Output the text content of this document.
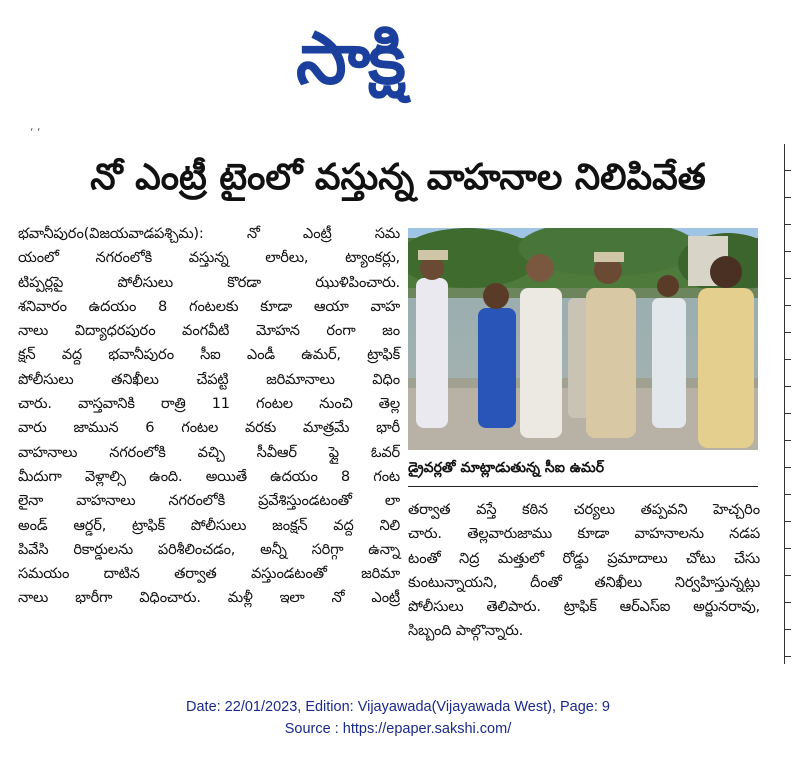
సాక్షి
‘ ‘
నో ఎంట్రీ టైంలో వస్తున్న వాహనాల నిలిపివేత
భవానీపురం(విజయవాడపశ్చిమ): నో ఎంట్రీ సమ
యంలో నగరంలోకి వస్తున్న లారీలు, ట్యాంకర్లు,
టిప్పర్లపై పోలీసులు కొరడా ఝుళిపించారు.
శనివారం ఉదయం 8 గంటలకు కూడా ఆయా వాహ
నాలు విద్యాధరపురం వంగవీటి మోహన రంగా జం
క్షన్ వద్ద భవానీపురం సీఐ ఎండీ ఉమర్, ట్రాఫిక్
పోలీసులు తనిఖీలు చేపట్టి జరిమానాలు విధిం
చారు. వాస్తవానికి రాత్రి 11 గంటల నుంచి తెల్ల
వారు జామున 6 గంటల వరకు మాత్రమే భారీ
వాహనాలు నగరంలోకి వచ్చి సీవీఆర్ ఫ్లై ఓవర్
మీదుగా వెళ్లాల్సి ఉంది. అయితే ఉదయం 8 గంట
లైనా వాహనాలు నగరంలోకి ప్రవేశిస్తుండటంతో లా
అండ్ ఆర్డర్, ట్రాఫిక్ పోలీసులు జంక్షన్ వద్ద నిలి
పివేసి రికార్డులను పరిశీలించడం, అన్నీ సరిగ్గా ఉన్నా
సమయం దాటిన తర్వాత వస్తుండటంతో జరిమా
నాలు భారీగా విధించారు. మళ్లీ ఇలా నో ఎంట్రీ
డ్రైవర్లతో మాట్లాడుతున్న సీఐ ఉమర్
తర్వాత వస్తే కఠిన చర్యలు తప్పవని హెచ్చరిం
చారు. తెల్లవారుజాము కూడా వాహనాలను నడప
టంతో నిద్ర మత్తులో రోడ్డు ప్రమాదాలు చోటు చేసు
కుంటున్నాయని, దీంతో తనిఖీలు నిర్వహిస్తున్నట్లు
పోలీసులు తెలిపారు. ట్రాఫిక్ ఆర్ఎస్ఐ అర్జునరావు,
సిబ్బంది పాల్గొన్నారు.
Date: 22/01/2023, Edition: Vijayawada(Vijayawada West), Page: 9
Source : https://epaper.sakshi.com/
